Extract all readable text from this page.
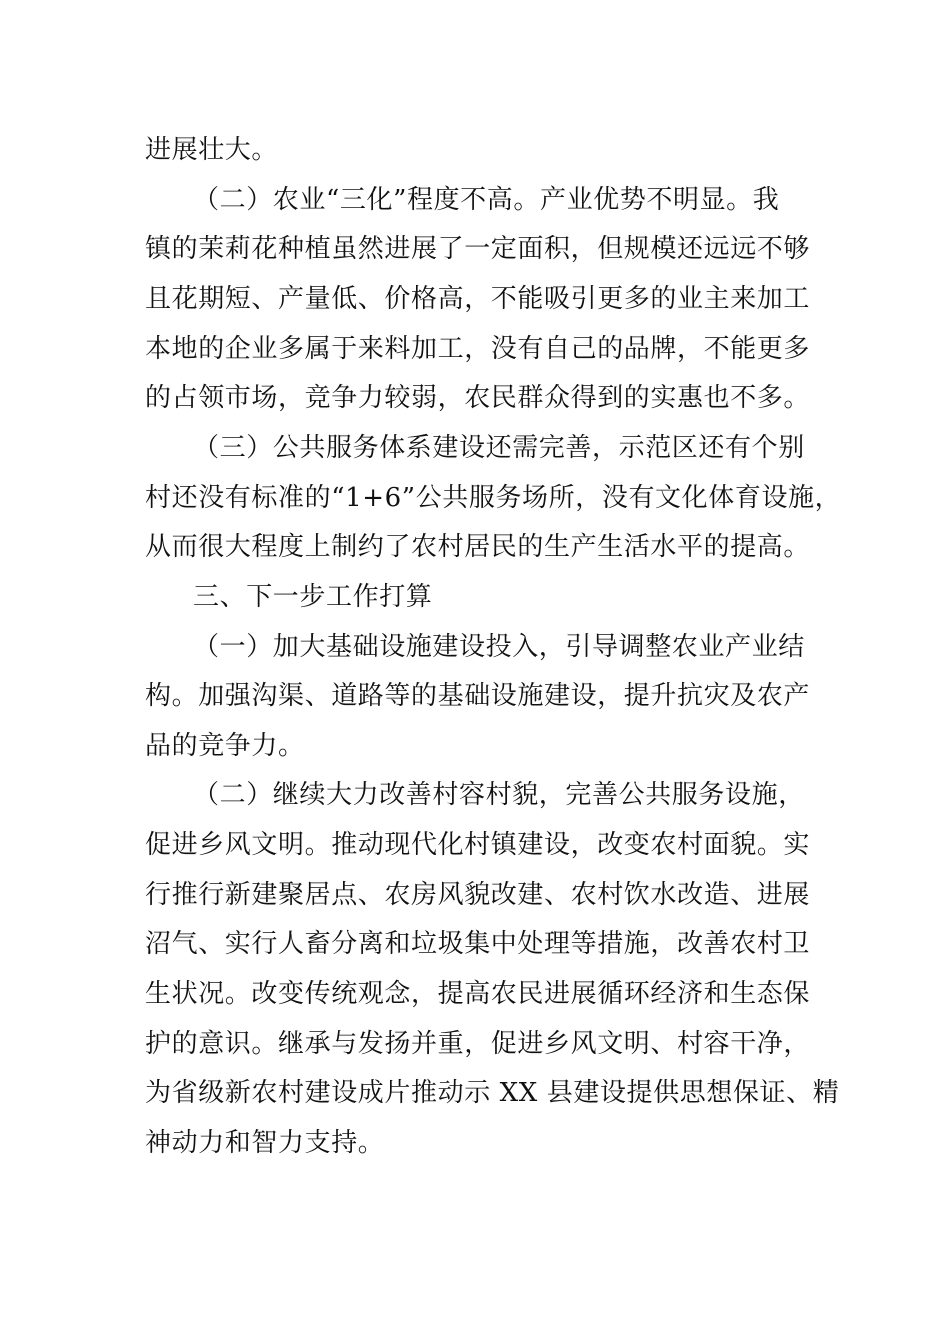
进展壮大。
（二）农业“三化”程度不高。产业优势不明显。我
镇的茉莉花种植虽然进展了一定面积，但规模还远远不够
且花期短、产量低、价格高，不能吸引更多的业主来加工
本地的企业多属于来料加工，没有自己的品牌，不能更多
的占领市场，竞争力较弱，农民群众得到的实惠也不多。
（三）公共服务体系建设还需完善，示范区还有个别
村还没有标准的“1+6”公共服务场所，没有文化体育设施，
从而很大程度上制约了农村居民的生产生活水平的提高。
三、下一步工作打算
（一）加大基础设施建设投入，引导调整农业产业结
构。加强沟渠、道路等的基础设施建设，提升抗灾及农产
品的竞争力。
（二）继续大力改善村容村貌，完善公共服务设施，
促进乡风文明。推动现代化村镇建设，改变农村面貌。实
行推行新建聚居点、农房风貌改建、农村饮水改造、进展
沼气、实行人畜分离和垃圾集中处理等措施，改善农村卫
生状况。改变传统观念，提高农民进展循环经济和生态保
护的意识。继承与发扬并重，促进乡风文明、村容干净，
为省级新农村建设成片推动示 XX 县建设提供思想保证、精
神动力和智力支持。
